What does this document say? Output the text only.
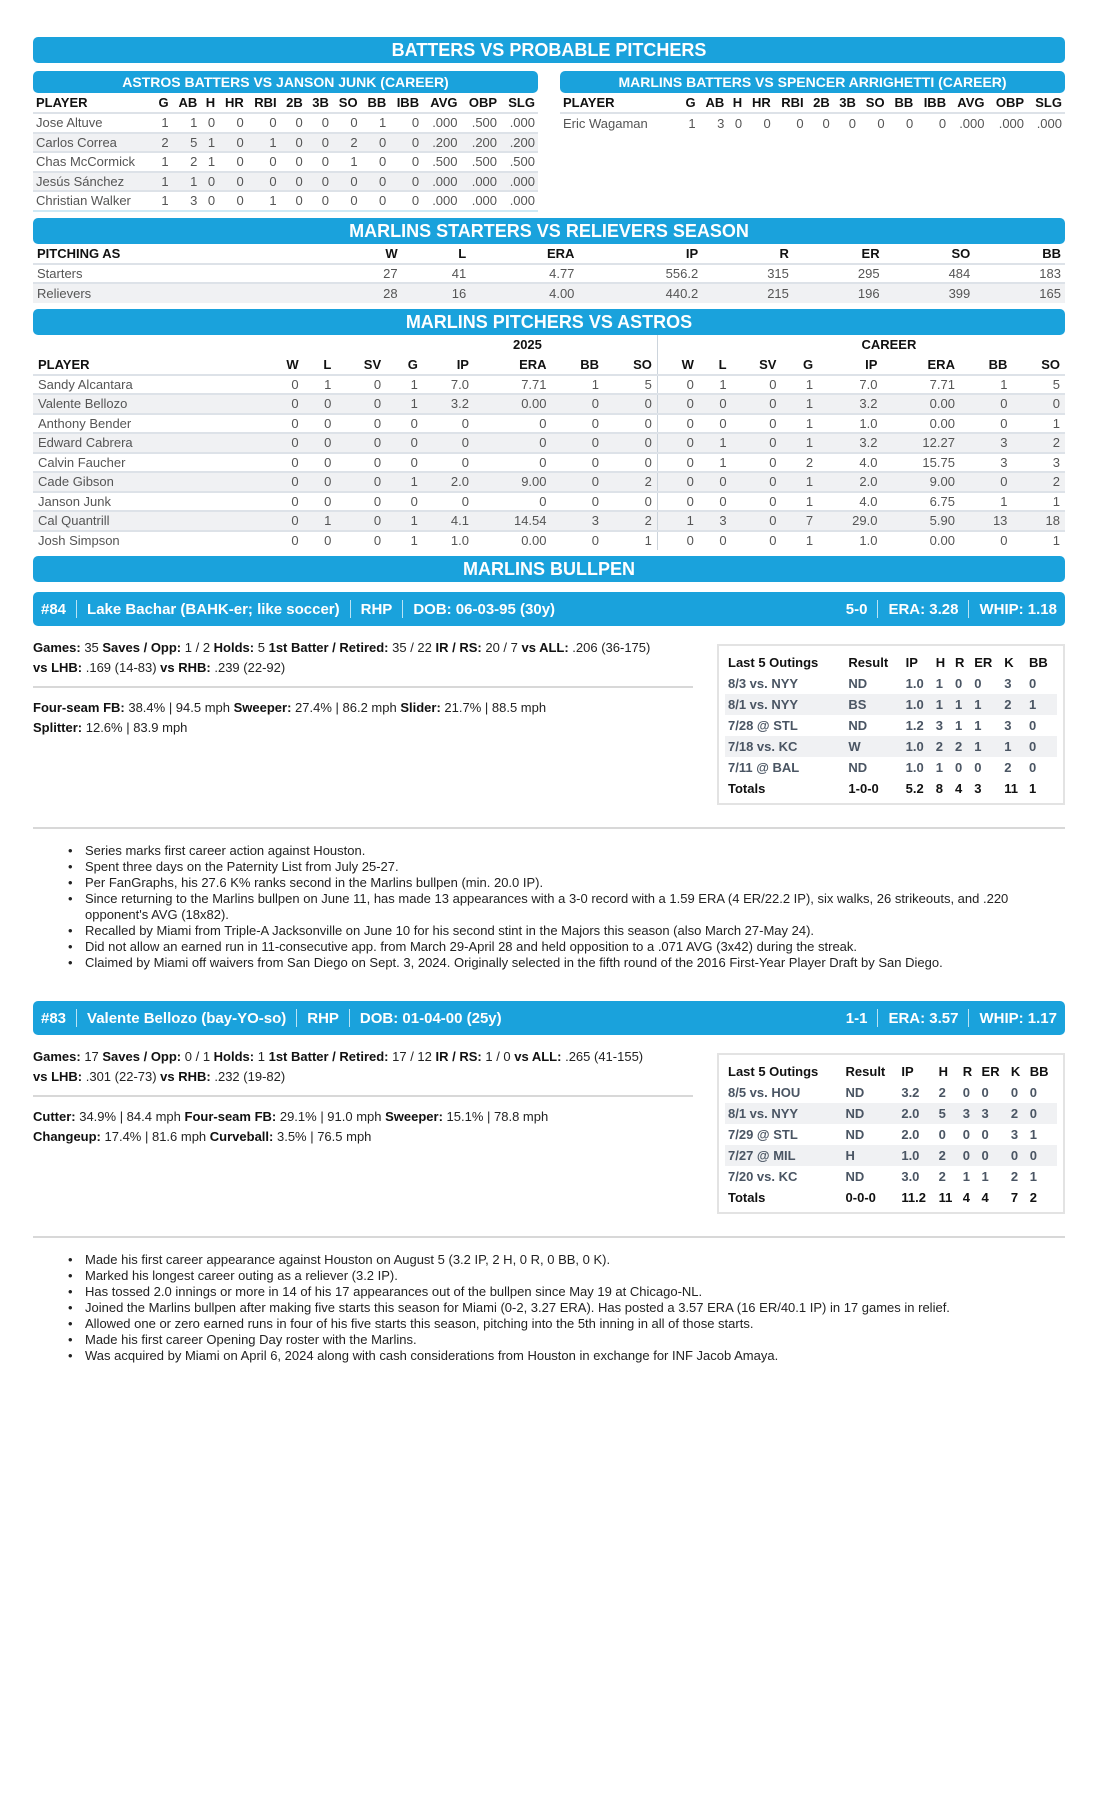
BATTERS VS PROBABLE PITCHERS
ASTROS BATTERS VS JANSON JUNK (CAREER)
PLAYER	G	AB	H	HR	RBI	2B	3B	SO	BB	IBB	AVG	OBP	SLG
Jose Altuve	1	1	0	0	0	0	0	0	1	0	.000	.500	.000
Carlos Correa	2	5	1	0	1	0	0	2	0	0	.200	.200	.200
Chas McCormick	1	2	1	0	0	0	0	1	0	0	.500	.500	.500
Jesús Sánchez	1	1	0	0	0	0	0	0	0	0	.000	.000	.000
Christian Walker	1	3	0	0	1	0	0	0	0	0	.000	.000	.000
MARLINS BATTERS VS SPENCER ARRIGHETTI (CAREER)
PLAYER	G	AB	H	HR	RBI	2B	3B	SO	BB	IBB	AVG	OBP	SLG
Eric Wagaman	1	3	0	0	0	0	0	0	0	0	.000	.000	.000
MARLINS STARTERS VS RELIEVERS SEASON
PITCHING AS	W	L	ERA	IP	R	ER	SO	BB
Starters	27	41	4.77	556.2	315	295	484	183
Relievers	28	16	4.00	440.2	215	196	399	165
MARLINS PITCHERS VS ASTROS
	2025								CAREER							
PLAYER	W	L	SV	G	IP	ERA	BB	SO	W	L	SV	G	IP	ERA	BB	SO
Sandy Alcantara	0	1	0	1	7.0	7.71	1	5	0	1	0	1	7.0	7.71	1	5
Valente Bellozo	0	0	0	1	3.2	0.00	0	0	0	0	0	1	3.2	0.00	0	0
Anthony Bender	0	0	0	0	0	0	0	0	0	0	0	1	1.0	0.00	0	1
Edward Cabrera	0	0	0	0	0	0	0	0	0	1	0	1	3.2	12.27	3	2
Calvin Faucher	0	0	0	0	0	0	0	0	0	1	0	2	4.0	15.75	3	3
Cade Gibson	0	0	0	1	2.0	9.00	0	2	0	0	0	1	2.0	9.00	0	2
Janson Junk	0	0	0	0	0	0	0	0	0	0	0	1	4.0	6.75	1	1
Cal Quantrill	0	1	0	1	4.1	14.54	3	2	1	3	0	7	29.0	5.90	13	18
Josh Simpson	0	0	0	1	1.0	0.00	0	1	0	0	0	1	1.0	0.00	0	1
MARLINS BULLPEN
#84 Lake Bachar (BAHK-er; like soccer) RHP DOB: 06-03-95 (30y)	5-0 ERA: 3.28 WHIP: 1.18
Games: 35 Saves / Opp: 1 / 2 Holds: 5 1st Batter / Retired: 35 / 22 IR / RS: 20 / 7 vs ALL: .206 (36-175)
vs LHB: .169 (14-83) vs RHB: .239 (22-92)
Four-seam FB: 38.4% | 94.5 mph Sweeper: 27.4% | 86.2 mph Slider: 21.7% | 88.5 mph
Splitter: 12.6% | 83.9 mph
Last 5 Outings	Result	IP	H	R	ER	K	BB
8/3 vs. NYY	ND	1.0	1	0	0	3	0
8/1 vs. NYY	BS	1.0	1	1	1	2	1
7/28 @ STL	ND	1.2	3	1	1	3	0
7/18 vs. KC	W	1.0	2	2	1	1	0
7/11 @ BAL	ND	1.0	1	0	0	2	0
Totals	1-0-0	5.2	8	4	3	11	1
• Series marks first career action against Houston.
• Spent three days on the Paternity List from July 25-27.
• Per FanGraphs, his 27.6 K% ranks second in the Marlins bullpen (min. 20.0 IP).
• Since returning to the Marlins bullpen on June 11, has made 13 appearances with a 3-0 record with a 1.59 ERA (4 ER/22.2 IP), six walks, 26 strikeouts, and .220 opponent's AVG (18x82).
• Recalled by Miami from Triple-A Jacksonville on June 10 for his second stint in the Majors this season (also March 27-May 24).
• Did not allow an earned run in 11-consecutive app. from March 29-April 28 and held opposition to a .071 AVG (3x42) during the streak.
• Claimed by Miami off waivers from San Diego on Sept. 3, 2024. Originally selected in the fifth round of the 2016 First-Year Player Draft by San Diego.
#83 Valente Bellozo (bay-YO-so) RHP DOB: 01-04-00 (25y)	1-1 ERA: 3.57 WHIP: 1.17
Games: 17 Saves / Opp: 0 / 1 Holds: 1 1st Batter / Retired: 17 / 12 IR / RS: 1 / 0 vs ALL: .265 (41-155)
vs LHB: .301 (22-73) vs RHB: .232 (19-82)
Cutter: 34.9% | 84.4 mph Four-seam FB: 29.1% | 91.0 mph Sweeper: 15.1% | 78.8 mph
Changeup: 17.4% | 81.6 mph Curveball: 3.5% | 76.5 mph
Last 5 Outings	Result	IP	H	R	ER	K	BB
8/5 vs. HOU	ND	3.2	2	0	0	0	0
8/1 vs. NYY	ND	2.0	5	3	3	2	0
7/29 @ STL	ND	2.0	0	0	0	3	1
7/27 @ MIL	H	1.0	2	0	0	0	0
7/20 vs. KC	ND	3.0	2	1	1	2	1
Totals	0-0-0	11.2	11	4	4	7	2
• Made his first career appearance against Houston on August 5 (3.2 IP, 2 H, 0 R, 0 BB, 0 K).
• Marked his longest career outing as a reliever (3.2 IP).
• Has tossed 2.0 innings or more in 14 of his 17 appearances out of the bullpen since May 19 at Chicago-NL.
• Joined the Marlins bullpen after making five starts this season for Miami (0-2, 3.27 ERA). Has posted a 3.57 ERA (16 ER/40.1 IP) in 17 games in relief.
• Allowed one or zero earned runs in four of his five starts this season, pitching into the 5th inning in all of those starts.
• Made his first career Opening Day roster with the Marlins.
• Was acquired by Miami on April 6, 2024 along with cash considerations from Houston in exchange for INF Jacob Amaya.
